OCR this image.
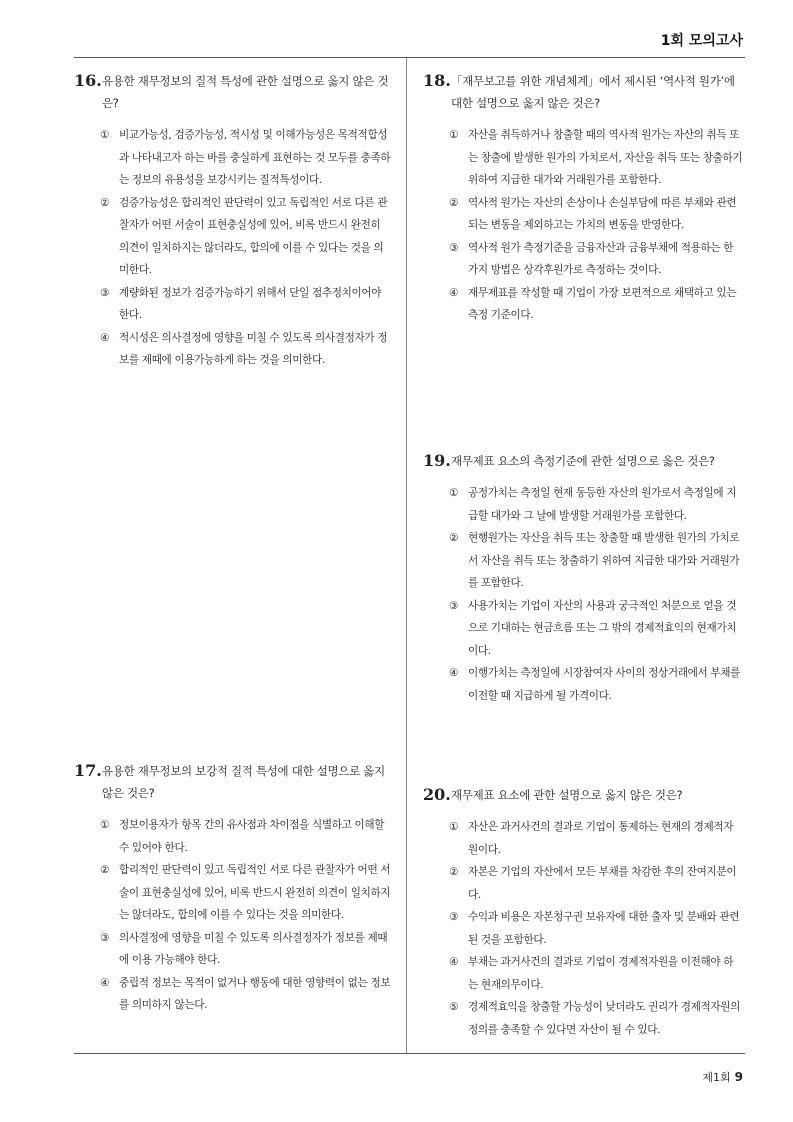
1회 모의고사
16. 유용한 재무정보의 질적 특성에 관한 설명으로 옳지 않은 것은?
① 비교가능성, 검증가능성, 적시성 및 이해가능성은 목적적합성과 나타내고자 하는 바를 충실하게 표현하는 것 모두를 충족하는 정보의 유용성을 보강시키는 질적특성이다.
② 검증가능성은 합리적인 판단력이 있고 독립적인 서로 다른 관찰자가 어떤 서술이 표현충실성에 있어, 비록 반드시 완전히 의견이 일치하지는 않더라도, 합의에 이를 수 있다는 것을 의미한다.
③ 계량화된 정보가 검증가능하기 위해서 단일 점추정치이어야 한다.
④ 적시성은 의사결정에 영향을 미칠 수 있도록 의사결정자가 정보를 제때에 이용가능하게 하는 것을 의미한다.
17. 유용한 재무정보의 보강적 질적 특성에 대한 설명으로 옳지 않은 것은?
① 정보이용자가 항목 간의 유사점과 차이점을 식별하고 이해할 수 있어야 한다.
② 합리적인 판단력이 있고 독립적인 서로 다른 관찰자가 어떤 서술이 표현충실성에 있어, 비록 반드시 완전히 의견이 일치하지는 않더라도, 합의에 이를 수 있다는 것을 의미한다.
③ 의사결정에 영향을 미칠 수 있도록 의사결정자가 정보를 제때에 이용 가능해야 한다.
④ 중립적 정보는 목적이 없거나 행동에 대한 영향력이 없는 정보를 의미하지 않는다.
18. 「재무보고를 위한 개념체계」에서 제시된 ‘역사적 원가’에 대한 설명으로 옳지 않은 것은?
① 자산을 취득하거나 창출할 때의 역사적 원가는 자산의 취득 또는 창출에 발생한 원가의 가치로서, 자산을 취득 또는 창출하기 위하여 지급한 대가와 거래원가를 포함한다.
② 역사적 원가는 자산의 손상이나 손실부담에 따른 부채와 관련되는 변동을 제외하고는 가치의 변동을 반영한다.
③ 역사적 원가 측정기준을 금융자산과 금융부채에 적용하는 한 가지 방법은 상각후원가로 측정하는 것이다.
④ 재무제표를 작성할 때 기업이 가장 보편적으로 채택하고 있는 측정 기준이다.
19. 재무제표 요소의 측정기준에 관한 설명으로 옳은 것은?
① 공정가치는 측정일 현재 동등한 자산의 원가로서 측정일에 지급할 대가와 그 날에 발생할 거래원가를 포함한다.
② 현행원가는 자산을 취득 또는 창출할 때 발생한 원가의 가치로서 자산을 취득 또는 창출하기 위하여 지급한 대가와 거래원가를 포함한다.
③ 사용가치는 기업이 자산의 사용과 궁극적인 처분으로 얻을 것으로 기대하는 현금흐름 또는 그 밖의 경제적효익의 현재가치이다.
④ 이행가치는 측정일에 시장참여자 사이의 정상거래에서 부채를 이전할 때 지급하게 될 가격이다.
20. 재무제표 요소에 관한 설명으로 옳지 않은 것은?
① 자산은 과거사건의 결과로 기업이 통제하는 현재의 경제적자원이다.
② 자본은 기업의 자산에서 모든 부채를 차감한 후의 잔여지분이다.
③ 수익과 비용은 자본청구권 보유자에 대한 출자 및 분배와 관련된 것을 포함한다.
④ 부채는 과거사건의 결과로 기업이 경제적자원을 이전해야 하는 현재의무이다.
⑤ 경제적효익을 창출할 가능성이 낮더라도 권리가 경제적자원의 정의를 충족할 수 있다면 자산이 될 수 있다.
제1회 9
